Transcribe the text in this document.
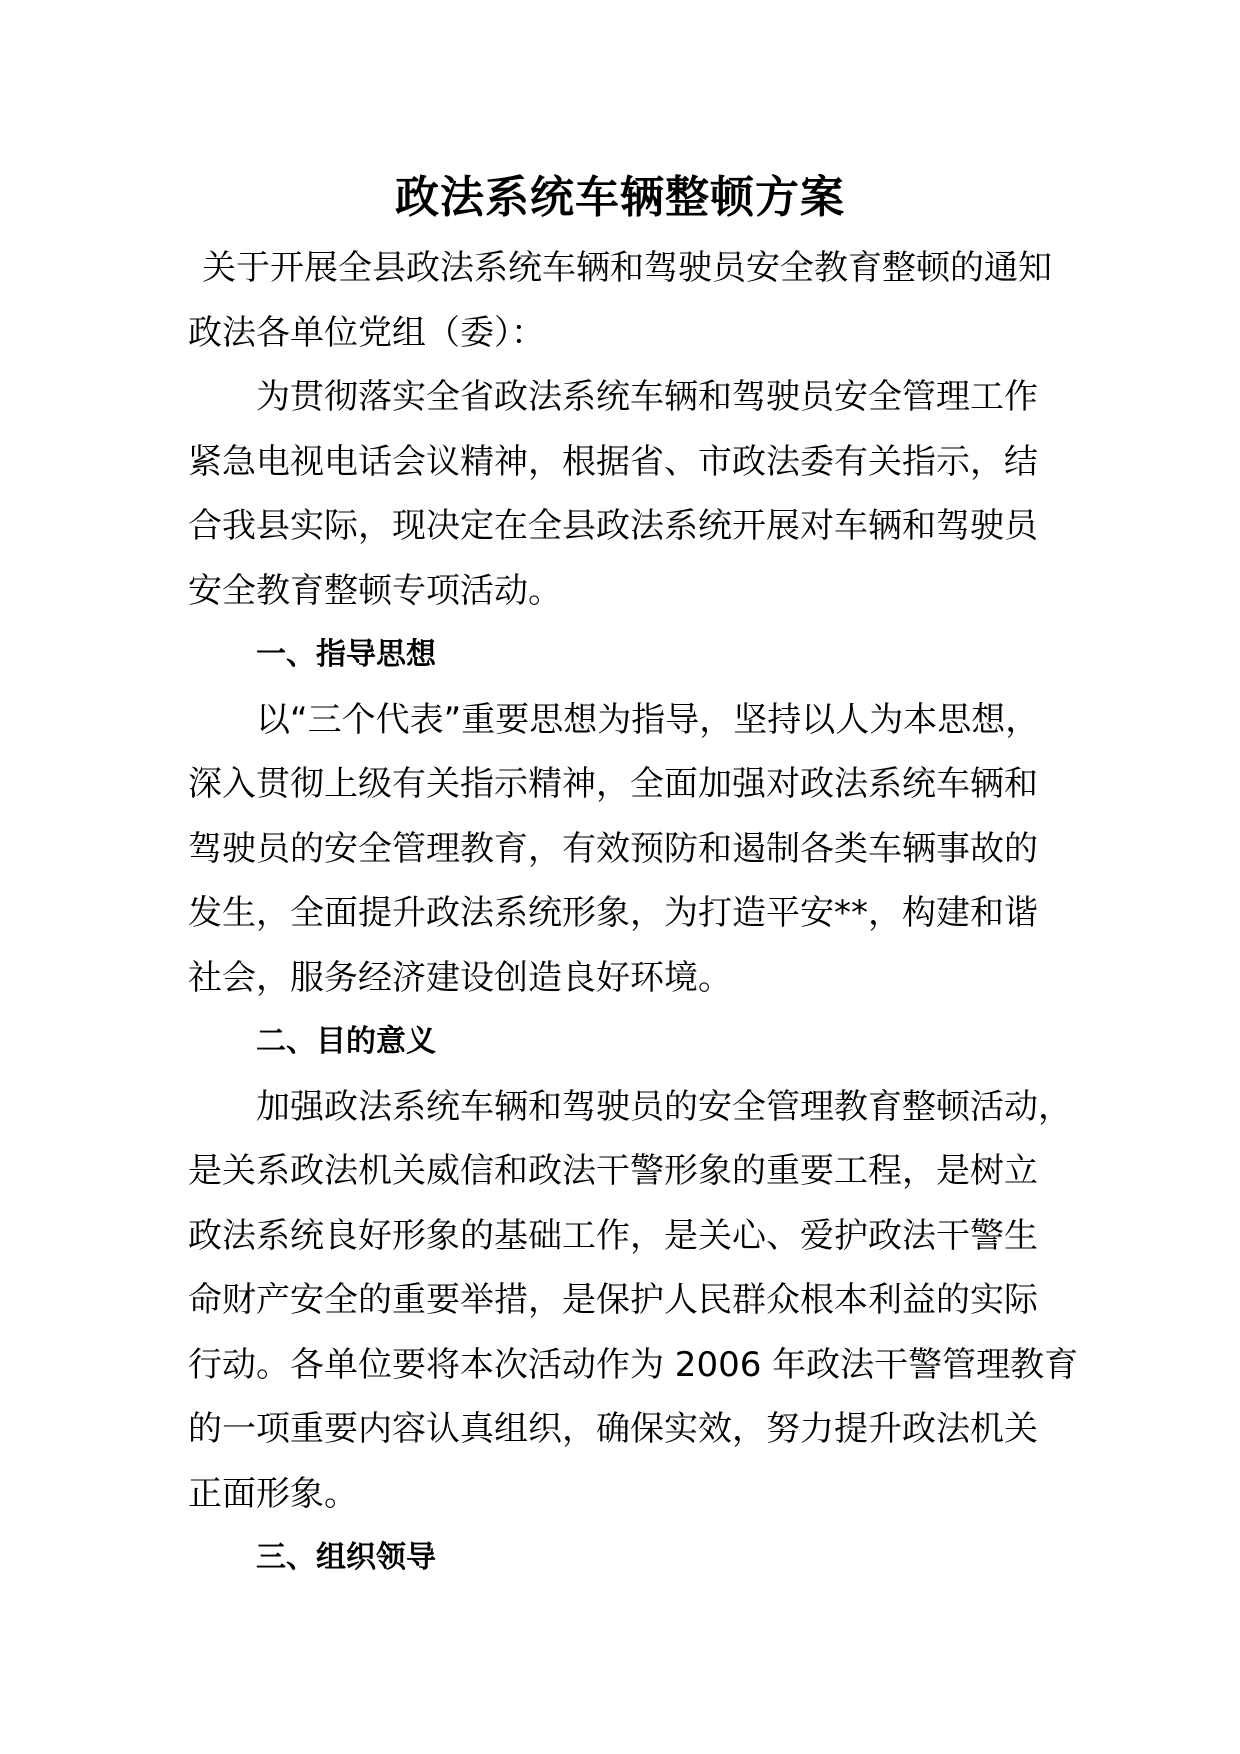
政法系统车辆整顿方案

关于开展全县政法系统车辆和驾驶员安全教育整顿的通知

政法各单位党组（委）：

为贯彻落实全省政法系统车辆和驾驶员安全管理工作

紧急电视电话会议精神，根据省、市政法委有关指示，结

合我县实际，现决定在全县政法系统开展对车辆和驾驶员

安全教育整顿专项活动。

一、指导思想

以“三个代表”重要思想为指导，坚持以人为本思想，

深入贯彻上级有关指示精神，全面加强对政法系统车辆和

驾驶员的安全管理教育，有效预防和遏制各类车辆事故的

发生，全面提升政法系统形象，为打造平安**，构建和谐

社会，服务经济建设创造良好环境。

二、目的意义

加强政法系统车辆和驾驶员的安全管理教育整顿活动，

是关系政法机关威信和政法干警形象的重要工程，是树立

政法系统良好形象的基础工作，是关心、爱护政法干警生

命财产安全的重要举措，是保护人民群众根本利益的实际

行动。各单位要将本次活动作为 2006 年政法干警管理教育

的一项重要内容认真组织，确保实效，努力提升政法机关

正面形象。

三、组织领导
